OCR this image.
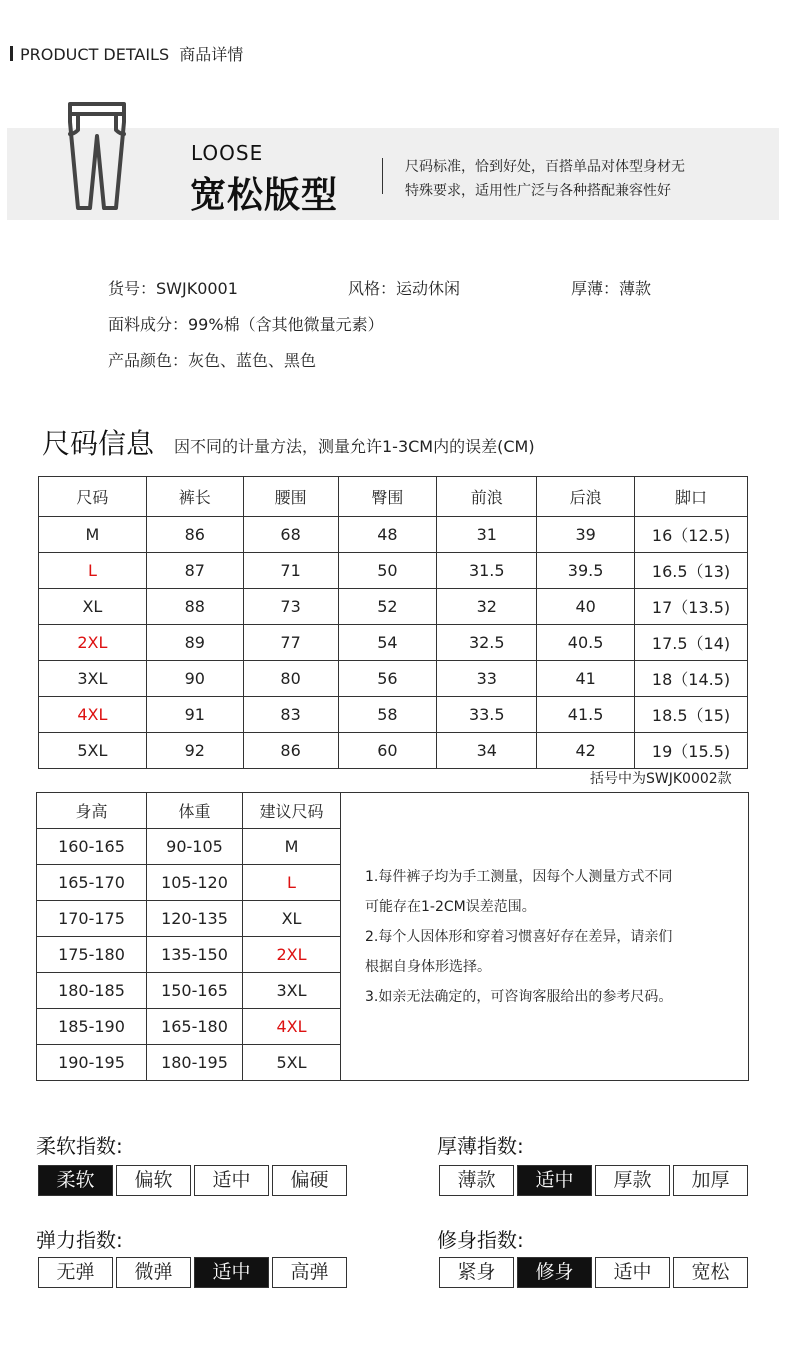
PRODUCT DETAILS  商品详情
LOOSE
宽松版型
尺码标准，恰到好处，百搭单品对体型身材无
特殊要求，适用性广泛与各种搭配兼容性好
货号：SWJK0001	风格：运动休闲	厚薄：薄款
面料成分：99%棉（含其他微量元素）
产品颜色：灰色、蓝色、黑色
尺码信息 因不同的计量方法，测量允许1-3CM内的误差(CM)
尺码	裤长	腰围	臀围	前浪	后浪	脚口
M	86	68	48	31	39	16（12.5)
L	87	71	50	31.5	39.5	16.5（13)
XL	88	73	52	32	40	17（13.5)
2XL	89	77	54	32.5	40.5	17.5（14)
3XL	90	80	56	33	41	18（14.5)
4XL	91	83	58	33.5	41.5	18.5（15)
5XL	92	86	60	34	42	19（15.5)
括号中为SWJK0002款
身高	体重	建议尺码	1.每件裤子均为手工测量，因每个人测量方式不同
可能存在1-2CM误差范围。
2.每个人因体形和穿着习惯喜好存在差异，请亲们
根据自身体形选择。
3.如亲无法确定的，可咨询客服给出的参考尺码。

160-165	90-105	M	
165-170	105-120	L	
170-175	120-135	XL	
175-180	135-150	2XL	
180-185	150-165	3XL	
185-190	165-180	4XL	
190-195	180-195	5XL	
柔软指数:
柔软	偏软	适中	偏硬
厚薄指数:
薄款	适中	厚款	加厚
弹力指数:
无弹	微弹	适中	高弹
修身指数:
紧身	修身	适中	宽松
